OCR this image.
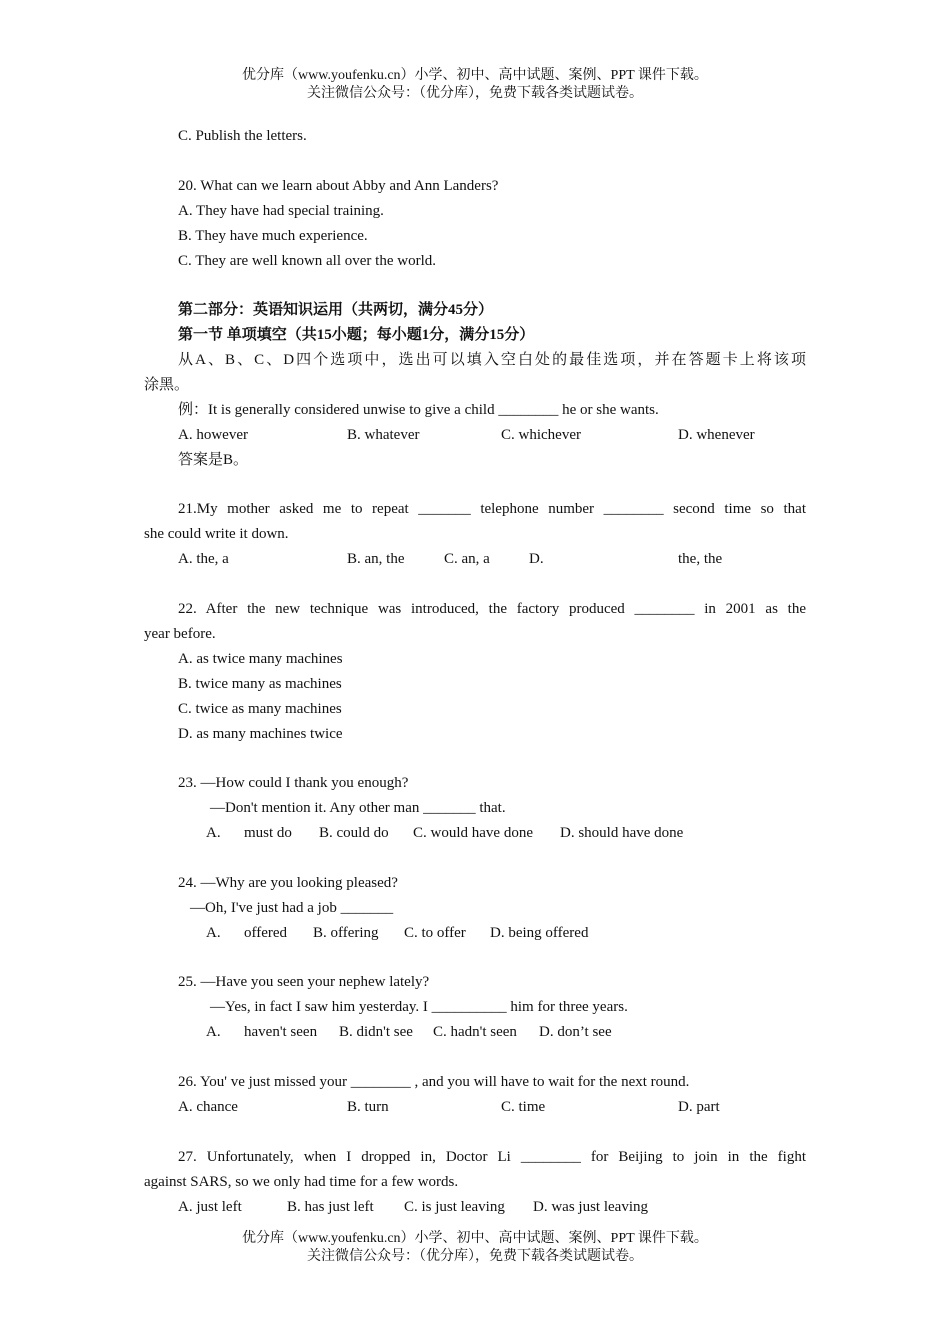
优分库（www.youfenku.cn）小学、初中、高中试题、案例、PPT 课件下载。
关注微信公众号：（优分库），免费下载各类试题试卷。
C. Publish the letters.
20. What can we learn about Abby and Ann Landers?
A. They have had special training.
B. They have much experience.
C. They are well known all over the world.
第二部分：英语知识运用（共两切，满分45分）
第一节 单项填空（共15小题；每小题1分，满分15分）
从A、B、C、D四个选项中，选出可以填入空白处的最佳选项，并在答题卡上将该项
涂黑。
例：It is generally considered unwise to give a child ________ he or she wants.
A. however	B. whatever	C. whichever	D. whenever
答案是B。
21.My mother asked me to repeat _______ telephone number ________ second time so that
she could write it down.
A. the, a	B. an, the	C. an, a	D.	the, the
22. After the new technique was introduced, the factory produced ________ in 2001 as the
year before.
A. as twice many machines
B. twice many as machines
C. twice as many machines
D. as many machines twice
23. —How could I thank you enough?
—Don't mention it. Any other man _______ that.
A. must do B. could do C. would have done D. should have done
24. —Why are you looking pleased?
—Oh, I've just had a job _______
A. offered B. offering C. to offer D. being offered
25. —Have you seen your nephew lately?
—Yes, in fact I saw him yesterday. I __________ him for three years.
A. haven't seen B. didn't see C. hadn't seen D. don’t see
26. You' ve just missed your ________ , and you will have to wait for the next round.
A. chance	B. turn	C. time	D. part
27. Unfortunately, when I dropped in, Doctor Li ________ for Beijing to join in the fight
against SARS, so we only had time for a few words.
A. just left	B. has just left C. is just leaving D. was just leaving
优分库（www.youfenku.cn）小学、初中、高中试题、案例、PPT 课件下载。
关注微信公众号：（优分库），免费下载各类试题试卷。
